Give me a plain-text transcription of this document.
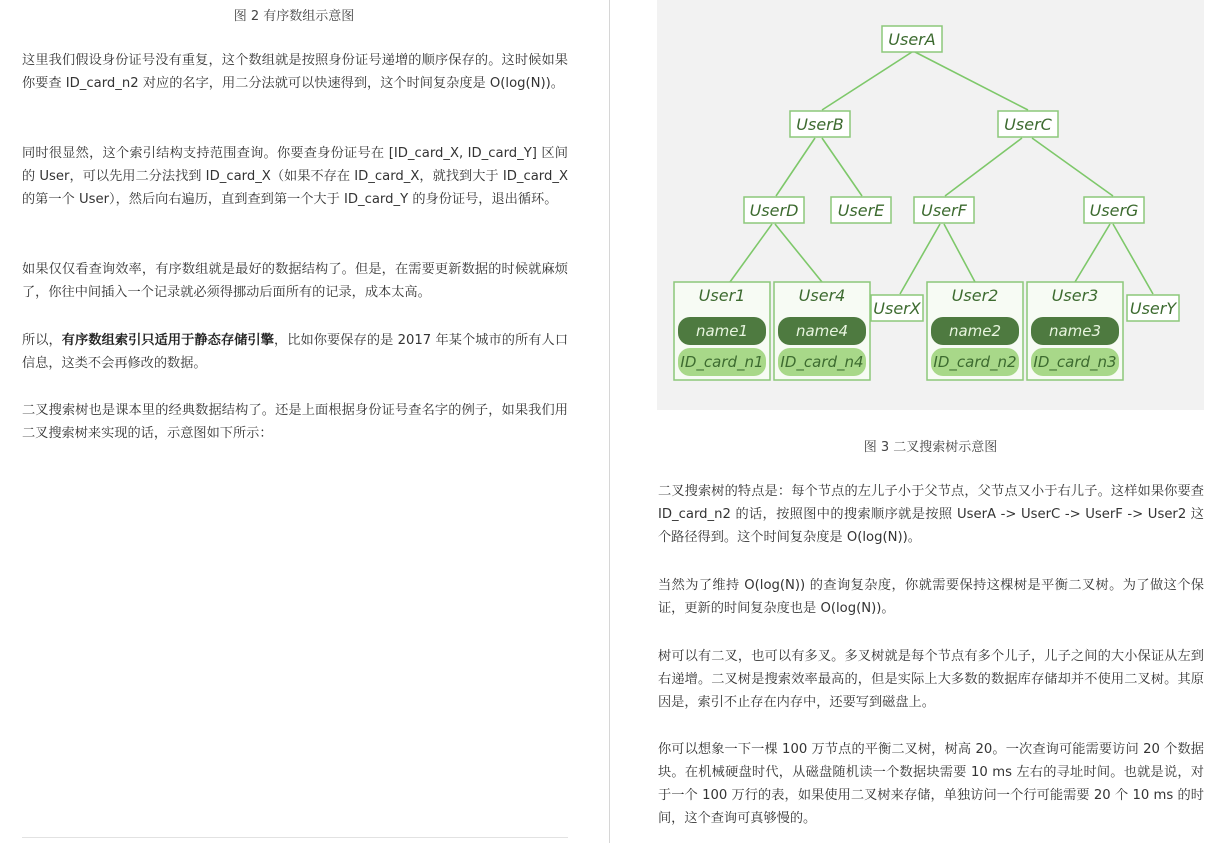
图 2 有序数组示意图

这里我们假设身份证号没有重复，这个数组就是按照身份证号递增的顺序保存的。这时候如果你要查 ID_card_n2 对应的名字，用二分法就可以快速得到，这个时间复杂度是 O(log(N))。

同时很显然，这个索引结构支持范围查询。你要查身份证号在 [ID_card_X, ID_card_Y] 区间的 User，可以先用二分法找到 ID_card_X（如果不存在 ID_card_X，就找到大于 ID_card_X 的第一个 User），然后向右遍历，直到查到第一个大于 ID_card_Y 的身份证号，退出循环。

如果仅仅看查询效率，有序数组就是最好的数据结构了。但是，在需要更新数据的时候就麻烦了，你往中间插入一个记录就必须得挪动后面所有的记录，成本太高。

所以，有序数组索引只适用于静态存储引擎，比如你要保存的是 2017 年某个城市的所有人口信息，这类不会再修改的数据。

二叉搜索树也是课本里的经典数据结构了。还是上面根据身份证号查名字的例子，如果我们用二叉搜索树来实现的话，示意图如下所示：

UserA
UserB	UserC
UserD UserE UserF	UserG
UserX	UserY
User1
name1
ID_card_n1
User4
name4
ID_card_n4
User2
name2
ID_card_n2
User3
name3
ID_card_n3
图 3 二叉搜索树示意图

二叉搜索树的特点是：每个节点的左儿子小于父节点，父节点又小于右儿子。这样如果你要查 ID_card_n2 的话，按照图中的搜索顺序就是按照 UserA -> UserC -> UserF -> User2 这个路径得到。这个时间复杂度是 O(log(N))。

当然为了维持 O(log(N)) 的查询复杂度，你就需要保持这棵树是平衡二叉树。为了做这个保证，更新的时间复杂度也是 O(log(N))。

树可以有二叉，也可以有多叉。多叉树就是每个节点有多个儿子，儿子之间的大小保证从左到右递增。二叉树是搜索效率最高的，但是实际上大多数的数据库存储却并不使用二叉树。其原因是，索引不止存在内存中，还要写到磁盘上。

你可以想象一下一棵 100 万节点的平衡二叉树，树高 20。一次查询可能需要访问 20 个数据块。在机械硬盘时代，从磁盘随机读一个数据块需要 10 ms 左右的寻址时间。也就是说，对于一个 100 万行的表，如果使用二叉树来存储，单独访问一个行可能需要 20 个 10 ms 的时间，这个查询可真够慢的。
